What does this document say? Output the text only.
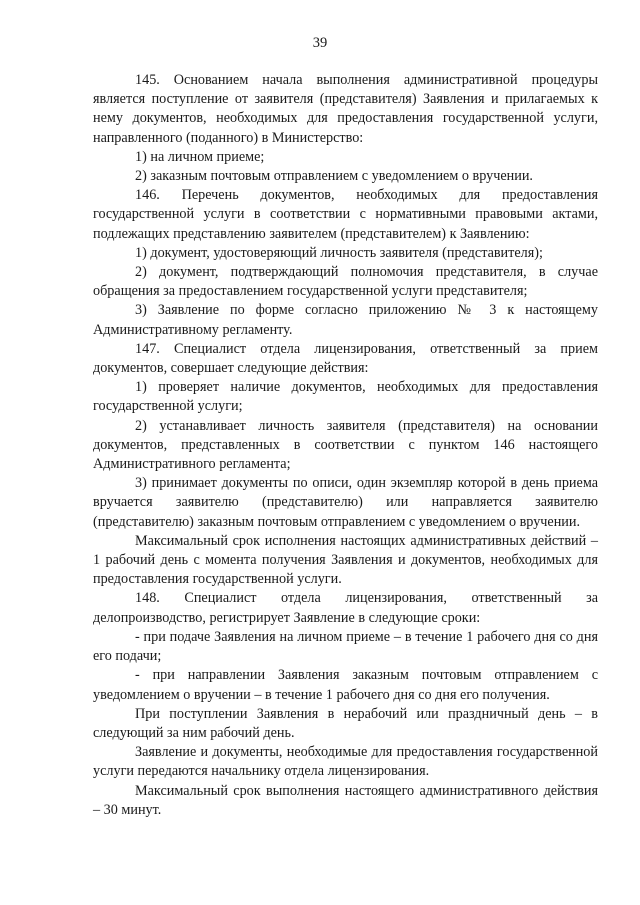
39

145. Основанием начала выполнения административной процедуры является поступление от заявителя (представителя) Заявления и прилагаемых к нему документов, необходимых для предоставления государственной услуги, направленного (поданного) в Министерство:

1) на личном приеме;

2) заказным почтовым отправлением с уведомлением о вручении.

146. Перечень документов, необходимых для предоставления государственной услуги в соответствии с нормативными правовыми актами, подлежащих представлению заявителем (представителем) к Заявлению:

1) документ, удостоверяющий личность заявителя (представителя);

2) документ, подтверждающий полномочия представителя, в случае обращения за предоставлением государственной услуги представителя;

3) Заявление по форме согласно приложению № 3 к настоящему Административному регламенту.

147. Специалист отдела лицензирования, ответственный за прием документов, совершает следующие действия:

1) проверяет наличие документов, необходимых для предоставления государственной услуги;

2) устанавливает личность заявителя (представителя) на основании документов, представленных в соответствии с пунктом 146 настоящего Административного регламента;

3) принимает документы по описи, один экземпляр которой в день приема вручается заявителю (представителю) или направляется заявителю (представителю) заказным почтовым отправлением с уведомлением о вручении.

Максимальный срок исполнения настоящих административных действий – 1 рабочий день с момента получения Заявления и документов, необходимых для предоставления государственной услуги.

148. Специалист отдела лицензирования, ответственный за делопроизводство, регистрирует Заявление в следующие сроки:

- при подаче Заявления на личном приеме – в течение 1 рабочего дня со дня его подачи;

- при направлении Заявления заказным почтовым отправлением с уведомлением о вручении – в течение 1 рабочего дня со дня его получения.

При поступлении Заявления в нерабочий или праздничный день – в следующий за ним рабочий день.

Заявление и документы, необходимые для предоставления государственной услуги передаются начальнику отдела лицензирования.

Максимальный срок выполнения настоящего административного действия – 30 минут.
